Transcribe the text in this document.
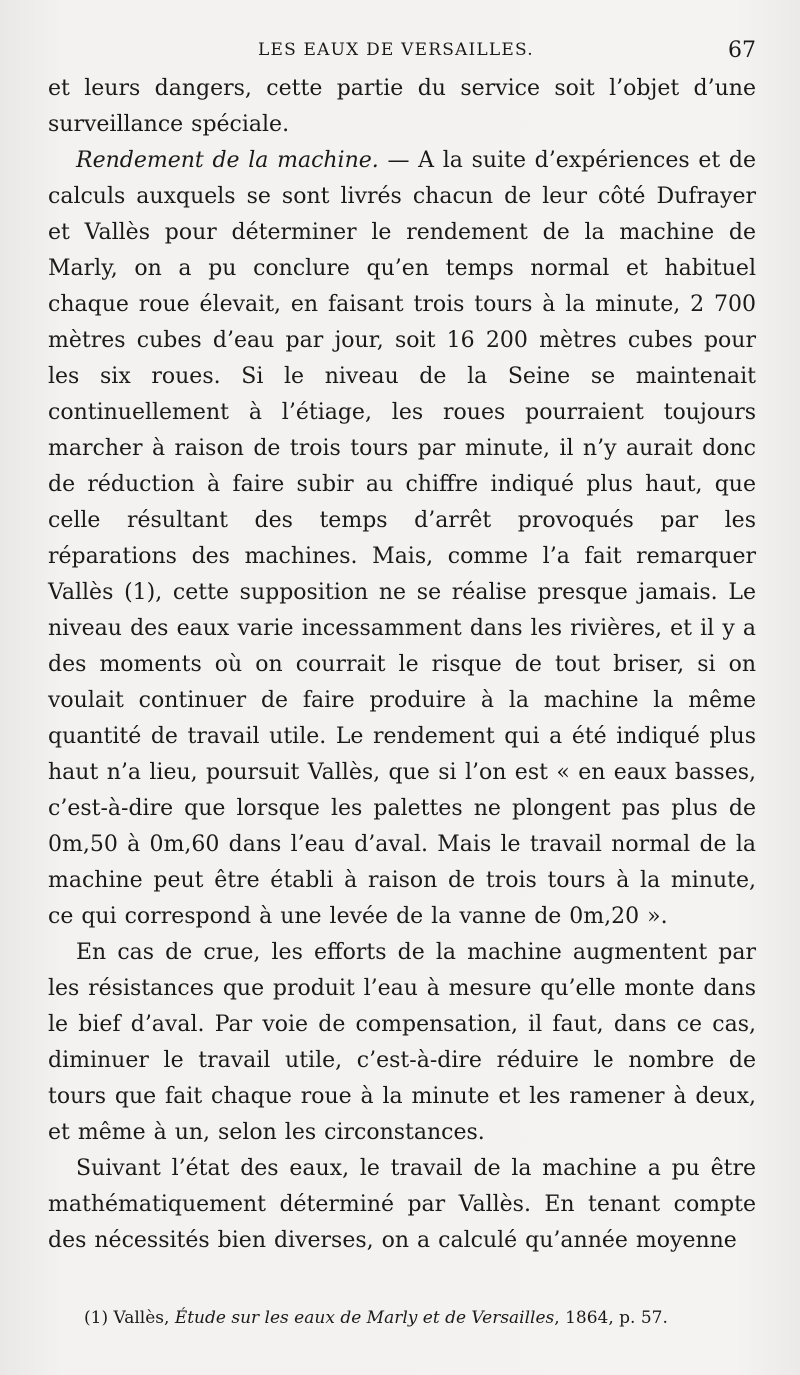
LES EAUX DE VERSAILLES.	67

et leurs dangers, cette partie du service soit l’objet d’une surveillance spéciale.

Rendement de la machine. — A la suite d’expériences et de calculs auxquels se sont livrés chacun de leur côté Dufrayer et Vallès pour déterminer le rendement de la machine de Marly, on a pu conclure qu’en temps normal et habituel chaque roue élevait, en faisant trois tours à la minute, 2 700 mètres cubes d’eau par jour, soit 16 200 mètres cubes pour les six roues. Si le niveau de la Seine se maintenait continuellement à l’étiage, les roues pourraient toujours marcher à raison de trois tours par minute, il n’y aurait donc de réduction à faire subir au chiffre indiqué plus haut, que celle résultant des temps d’arrêt provoqués par les réparations des machines. Mais, comme l’a fait remarquer Vallès (1), cette supposition ne se réalise presque jamais. Le niveau des eaux varie incessamment dans les rivières, et il y a des moments où on courrait le risque de tout briser, si on voulait continuer de faire produire à la machine la même quantité de travail utile. Le rendement qui a été indiqué plus haut n’a lieu, poursuit Vallès, que si l’on est « en eaux basses, c’est-à-dire que lorsque les palettes ne plongent pas plus de 0m,50 à 0m,60 dans l’eau d’aval. Mais le travail normal de la machine peut être établi à raison de trois tours à la minute, ce qui correspond à une levée de la vanne de 0m,20 ».

En cas de crue, les efforts de la machine augmentent par les résistances que produit l’eau à mesure qu’elle monte dans le bief d’aval. Par voie de compensation, il faut, dans ce cas, diminuer le travail utile, c’est-à-dire réduire le nombre de tours que fait chaque roue à la minute et les ramener à deux, et même à un, selon les circonstances.

Suivant l’état des eaux, le travail de la machine a pu être mathématiquement déterminé par Vallès. En tenant compte des nécessités bien diverses, on a calculé qu’année moyenne

(1) Vallès, Étude sur les eaux de Marly et de Versailles, 1864, p. 57.
